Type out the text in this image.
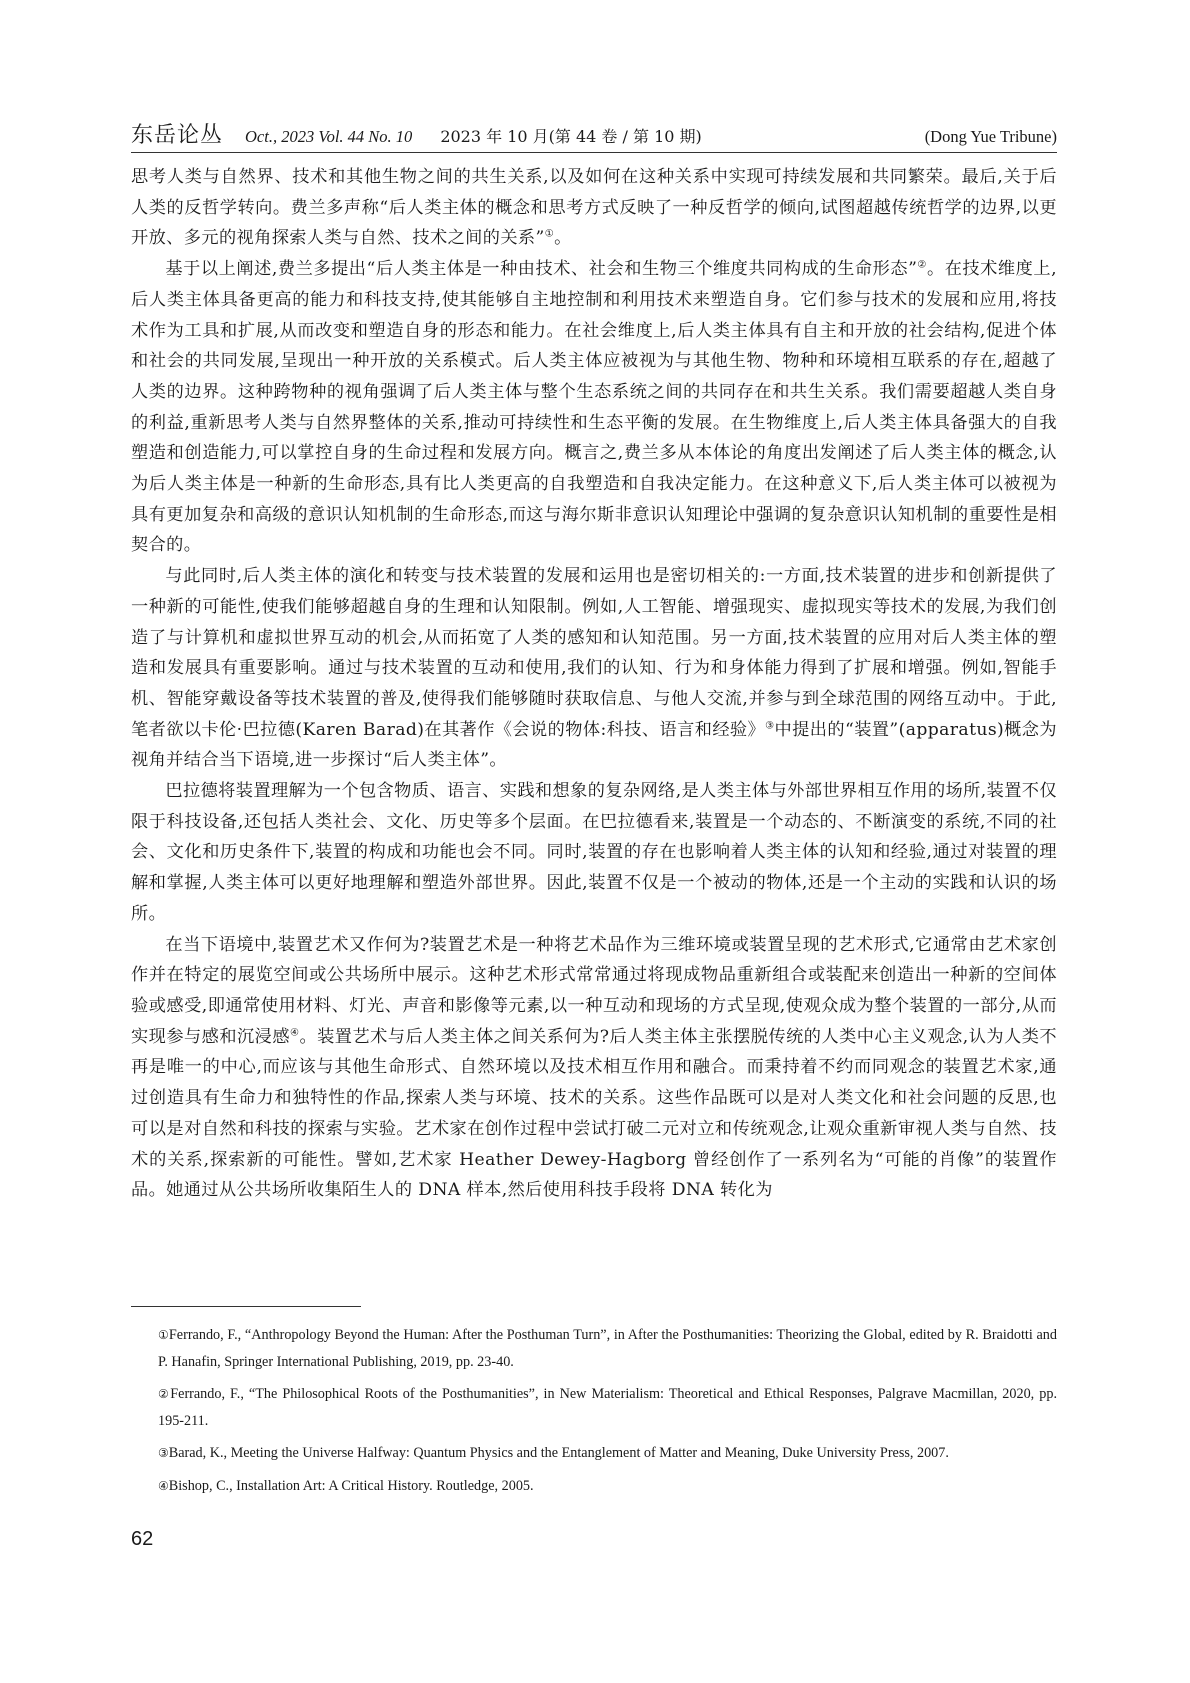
东岳论丛 Oct., 2023 Vol. 44 No. 10 2023 年 10 月(第 44 卷 / 第 10 期)	(Dong Yue Tribune)

思考人类与自然界、技术和其他生物之间的共生关系,以及如何在这种关系中实现可持续发展和共同繁荣。最后,关于后人类的反哲学转向。费兰多声称“后人类主体的概念和思考方式反映了一种反哲学的倾向,试图超越传统哲学的边界,以更开放、多元的视角探索人类与自然、技术之间的关系”①。

基于以上阐述,费兰多提出“后人类主体是一种由技术、社会和生物三个维度共同构成的生命形态”②。在技术维度上,后人类主体具备更高的能力和科技支持,使其能够自主地控制和利用技术来塑造自身。它们参与技术的发展和应用,将技术作为工具和扩展,从而改变和塑造自身的形态和能力。在社会维度上,后人类主体具有自主和开放的社会结构,促进个体和社会的共同发展,呈现出一种开放的关系模式。后人类主体应被视为与其他生物、物种和环境相互联系的存在,超越了人类的边界。这种跨物种的视角强调了后人类主体与整个生态系统之间的共同存在和共生关系。我们需要超越人类自身的利益,重新思考人类与自然界整体的关系,推动可持续性和生态平衡的发展。在生物维度上,后人类主体具备强大的自我塑造和创造能力,可以掌控自身的生命过程和发展方向。概言之,费兰多从本体论的角度出发阐述了后人类主体的概念,认为后人类主体是一种新的生命形态,具有比人类更高的自我塑造和自我决定能力。在这种意义下,后人类主体可以被视为具有更加复杂和高级的意识认知机制的生命形态,而这与海尔斯非意识认知理论中强调的复杂意识认知机制的重要性是相契合的。

与此同时,后人类主体的演化和转变与技术装置的发展和运用也是密切相关的:一方面,技术装置的进步和创新提供了一种新的可能性,使我们能够超越自身的生理和认知限制。例如,人工智能、增强现实、虚拟现实等技术的发展,为我们创造了与计算机和虚拟世界互动的机会,从而拓宽了人类的感知和认知范围。另一方面,技术装置的应用对后人类主体的塑造和发展具有重要影响。通过与技术装置的互动和使用,我们的认知、行为和身体能力得到了扩展和增强。例如,智能手机、智能穿戴设备等技术装置的普及,使得我们能够随时获取信息、与他人交流,并参与到全球范围的网络互动中。于此,笔者欲以卡伦·巴拉德(Karen Barad)在其著作《会说的物体:科技、语言和经验》③中提出的“装置”(apparatus)概念为视角并结合当下语境,进一步探讨“后人类主体”。

巴拉德将装置理解为一个包含物质、语言、实践和想象的复杂网络,是人类主体与外部世界相互作用的场所,装置不仅限于科技设备,还包括人类社会、文化、历史等多个层面。在巴拉德看来,装置是一个动态的、不断演变的系统,不同的社会、文化和历史条件下,装置的构成和功能也会不同。同时,装置的存在也影响着人类主体的认知和经验,通过对装置的理解和掌握,人类主体可以更好地理解和塑造外部世界。因此,装置不仅是一个被动的物体,还是一个主动的实践和认识的场所。

在当下语境中,装置艺术又作何为?装置艺术是一种将艺术品作为三维环境或装置呈现的艺术形式,它通常由艺术家创作并在特定的展览空间或公共场所中展示。这种艺术形式常常通过将现成物品重新组合或装配来创造出一种新的空间体验或感受,即通常使用材料、灯光、声音和影像等元素,以一种互动和现场的方式呈现,使观众成为整个装置的一部分,从而实现参与感和沉浸感④。装置艺术与后人类主体之间关系何为?后人类主体主张摆脱传统的人类中心主义观念,认为人类不再是唯一的中心,而应该与其他生命形式、自然环境以及技术相互作用和融合。而秉持着不约而同观念的装置艺术家,通过创造具有生命力和独特性的作品,探索人类与环境、技术的关系。这些作品既可以是对人类文化和社会问题的反思,也可以是对自然和科技的探索与实验。艺术家在创作过程中尝试打破二元对立和传统观念,让观众重新审视人类与自然、技术的关系,探索新的可能性。譬如,艺术家 Heather Dewey-Hagborg 曾经创作了一系列名为“可能的肖像”的装置作品。她通过从公共场所收集陌生人的 DNA 样本,然后使用科技手段将 DNA 转化为

①Ferrando, F., “Anthropology Beyond the Human: After the Posthuman Turn”, in After the Posthumanities: Theorizing the Global, edited by R. Braidotti and P. Hanafin, Springer International Publishing, 2019, pp. 23-40.

②Ferrando, F., “The Philosophical Roots of the Posthumanities”, in New Materialism: Theoretical and Ethical Responses, Palgrave Macmillan, 2020, pp. 195-211.

③Barad, K., Meeting the Universe Halfway: Quantum Physics and the Entanglement of Matter and Meaning, Duke University Press, 2007.

④Bishop, C., Installation Art: A Critical History. Routledge, 2005.

62
